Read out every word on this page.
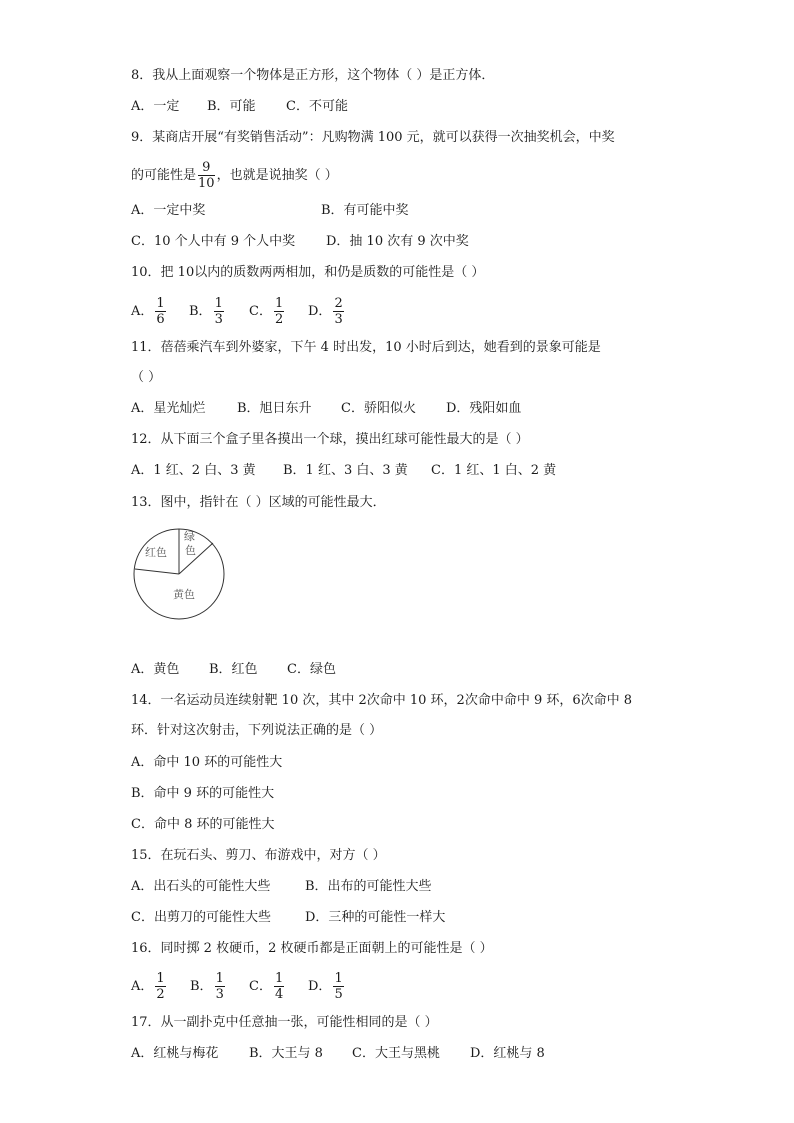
8．我从上面观察一个物体是正方形，这个物体（ ）是正方体．
A．一定 B．可能 C．不可能
9．某商店开展“有奖销售活动”：凡购物满 100 元，就可以获得一次抽奖机会，中奖
的可能性是 $\frac{9}{10}$ ，也就是说抽奖（ ）
A．一定中奖	B．有可能中奖
C．10 个人中有 9 个人中奖 D．抽 10 次有 9 次中奖
10．把 10以内的质数两两相加，和仍是质数的可能性是（ ）
A． $\frac{1}{6}$ B． $\frac{1}{3}$ C． $\frac{1}{2}$ D． $\frac{2}{3}$
11．蓓蓓乘汽车到外婆家，下午 4 时出发，10 小时后到达，她看到的景象可能是
（ ）
A．星光灿烂 B．旭日东升 C．骄阳似火 D．残阳如血
12．从下面三个盒子里各摸出一个球，摸出红球可能性最大的是（ ）
A．1 红、2 白、3 黄 B．1 红、3 白、3 黄 C．1 红、1 白、2 黄
13．图中，指针在（ ）区域的可能性最大．
绿
色
红色
黄色
A．黄色 B．红色 C．绿色
14．一名运动员连续射靶 10 次，其中 2次命中 10 环，2次命中命中 9 环，6次命中 8
环．针对这次射击，下列说法正确的是（ ）
A．命中 10 环的可能性大
B．命中 9 环的可能性大
C．命中 8 环的可能性大
15．在玩石头、剪刀、布游戏中，对方（ ）
A．出石头的可能性大些	B．出布的可能性大些
C．出剪刀的可能性大些	D．三种的可能性一样大
16．同时掷 2 枚硬币，2 枚硬币都是正面朝上的可能性是（ ）
A． $\frac{1}{2}$ B． $\frac{1}{3}$ C． $\frac{1}{4}$ D． $\frac{1}{5}$
17．从一副扑克中任意抽一张，可能性相同的是（ ）
A．红桃与梅花 B．大王与 8 C．大王与黑桃 D．红桃与 8
